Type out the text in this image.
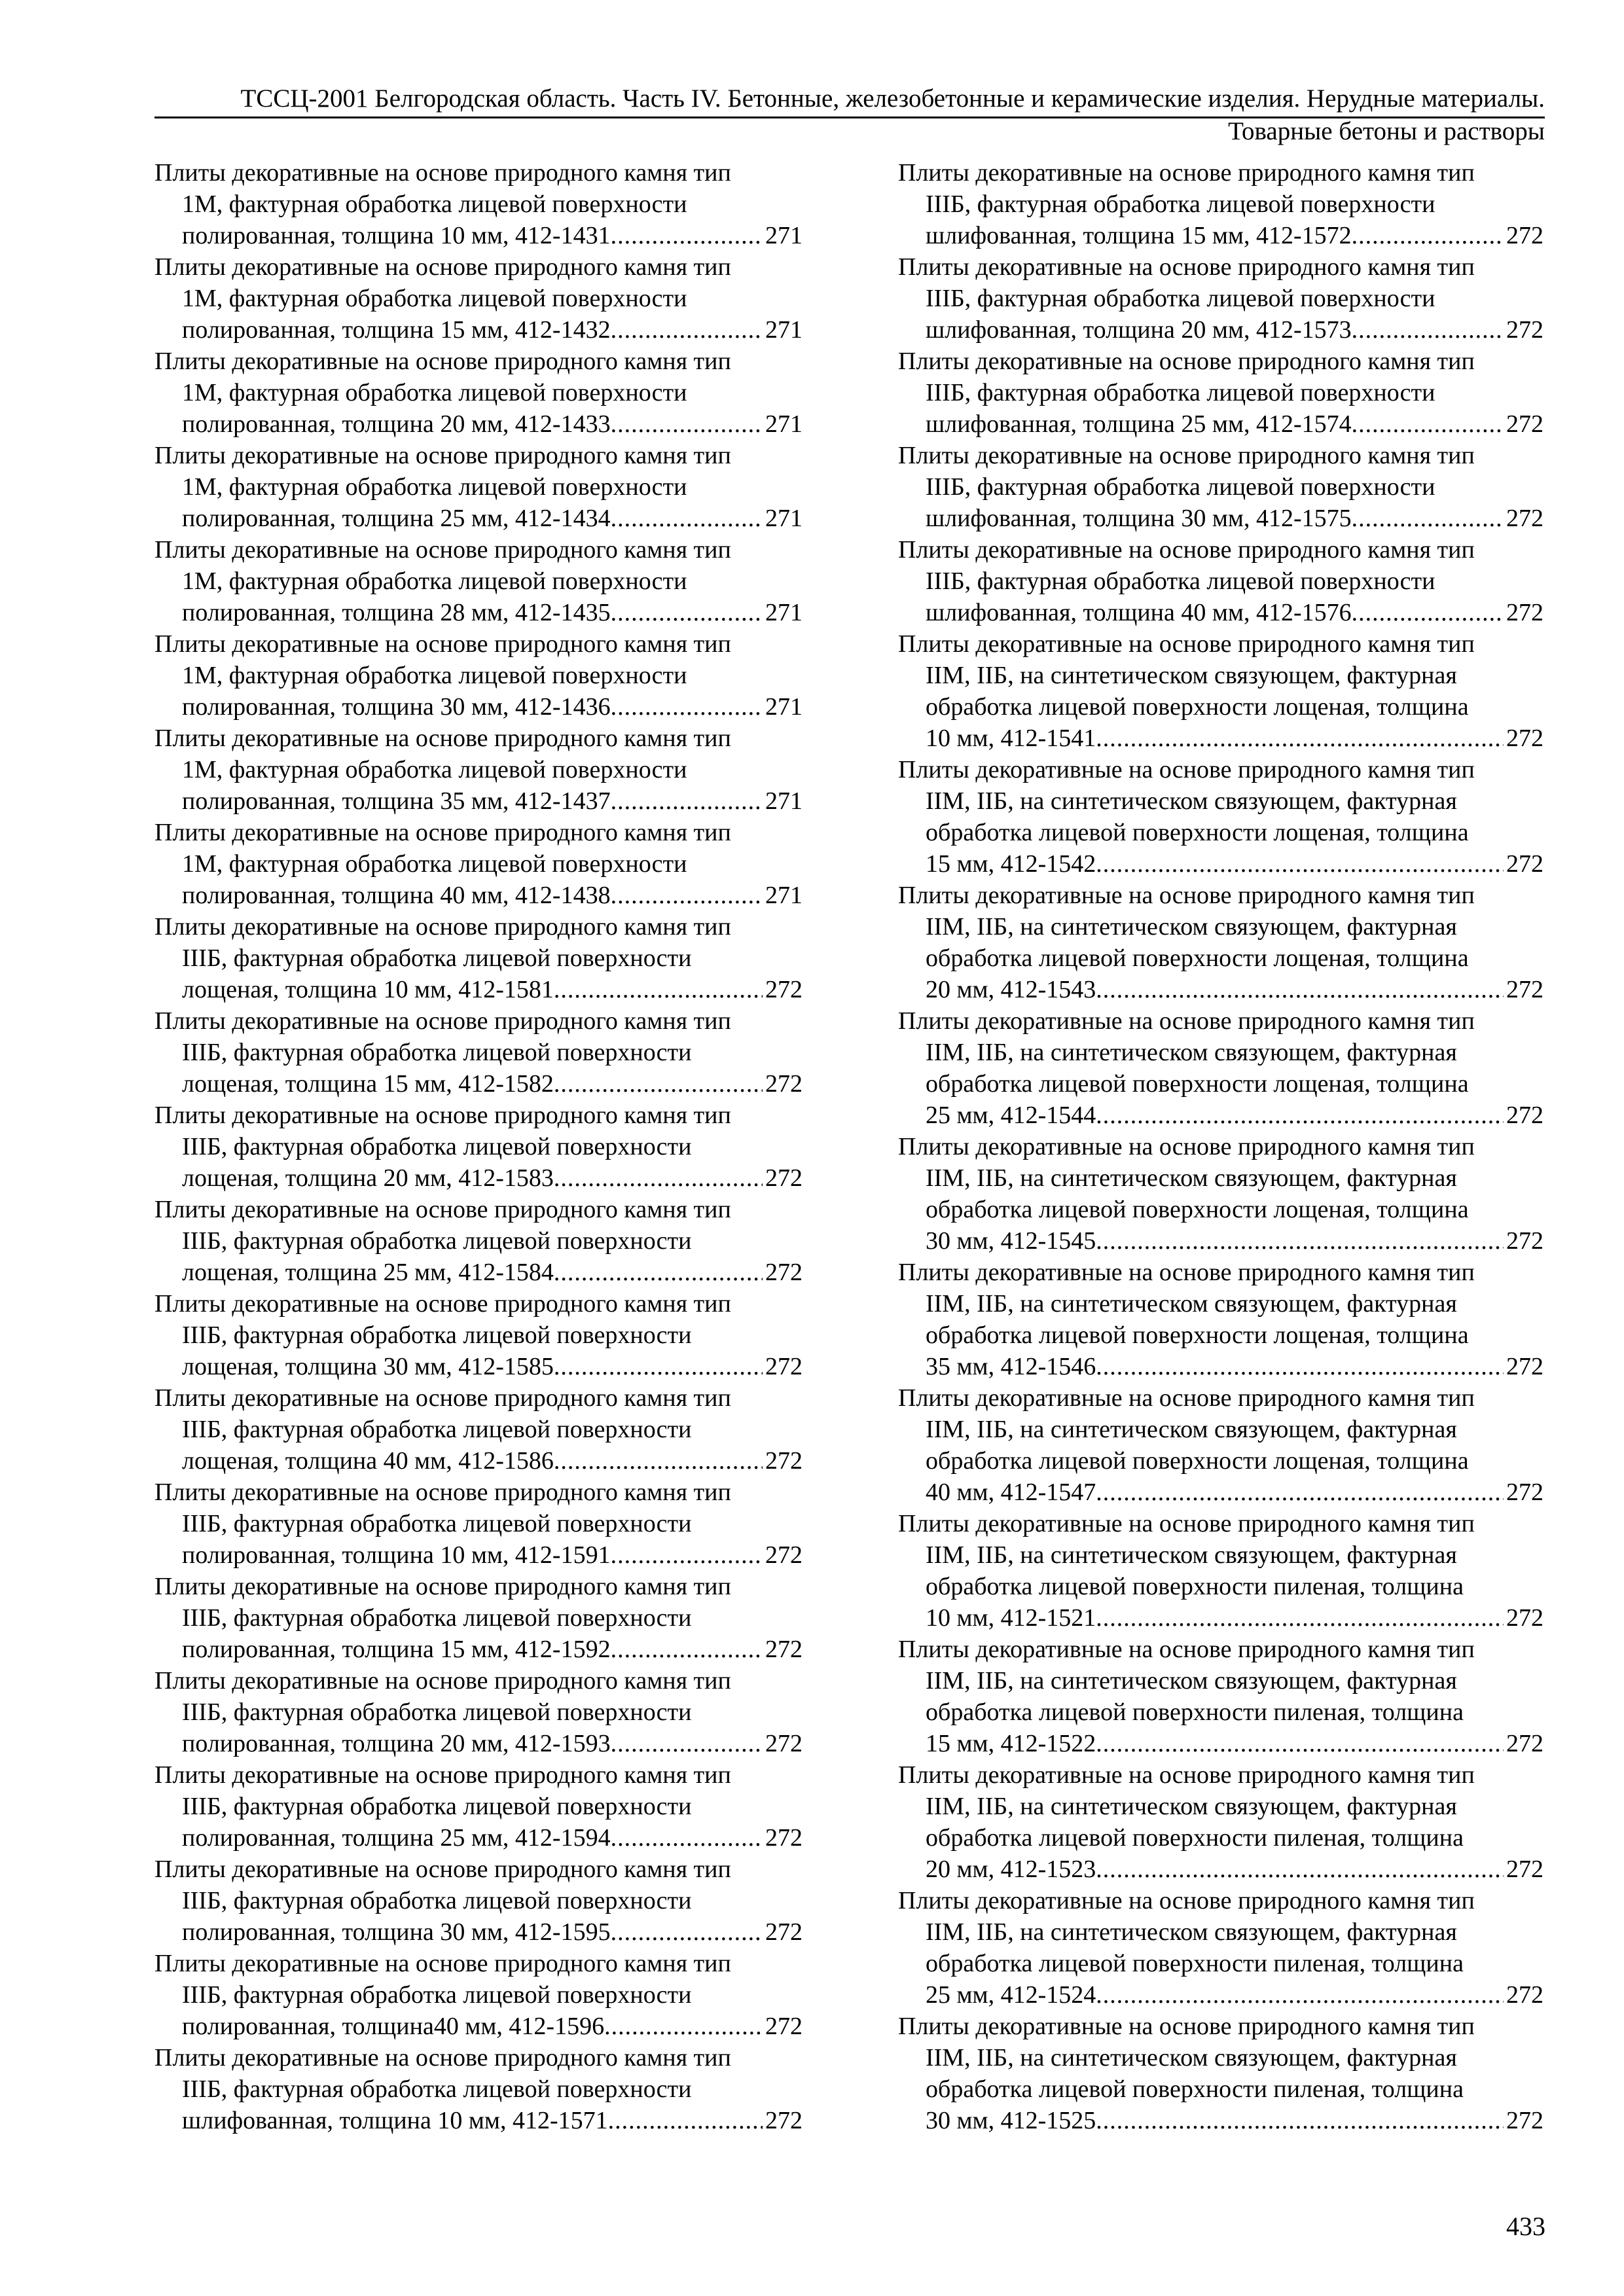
ТССЦ-2001 Белгородская область. Часть IV. Бетонные, железобетонные и керамические изделия. Нерудные материалы. Товарные бетоны и растворы
Плиты декоративные на основе природного камня тип
1М, фактурная обработка лицевой поверхности
полированная, толщина 10 мм, 412-1431 .....	271
Плиты декоративные на основе природного камня тип
1М, фактурная обработка лицевой поверхности
полированная, толщина 15 мм, 412-1432 .....	271
Плиты декоративные на основе природного камня тип
1М, фактурная обработка лицевой поверхности
полированная, толщина 20 мм, 412-1433 .....	271
Плиты декоративные на основе природного камня тип
1М, фактурная обработка лицевой поверхности
полированная, толщина 25 мм, 412-1434 .....	271
Плиты декоративные на основе природного камня тип
1М, фактурная обработка лицевой поверхности
полированная, толщина 28 мм, 412-1435 .....	271
Плиты декоративные на основе природного камня тип
1М, фактурная обработка лицевой поверхности
полированная, толщина 30 мм, 412-1436 .....	271
Плиты декоративные на основе природного камня тип
1М, фактурная обработка лицевой поверхности
полированная, толщина 35 мм, 412-1437 .....	271
Плиты декоративные на основе природного камня тип
1М, фактурная обработка лицевой поверхности
полированная, толщина 40 мм, 412-1438 .....	271
Плиты декоративные на основе природного камня тип
IIIБ, фактурная обработка лицевой поверхности
лощеная, толщина 10 мм, 412-1581 .....	272
Плиты декоративные на основе природного камня тип
IIIБ, фактурная обработка лицевой поверхности
лощеная, толщина 15 мм, 412-1582 .....	272
Плиты декоративные на основе природного камня тип
IIIБ, фактурная обработка лицевой поверхности
лощеная, толщина 20 мм, 412-1583 .....	272
Плиты декоративные на основе природного камня тип
IIIБ, фактурная обработка лицевой поверхности
лощеная, толщина 25 мм, 412-1584 .....	272
Плиты декоративные на основе природного камня тип
IIIБ, фактурная обработка лицевой поверхности
лощеная, толщина 30 мм, 412-1585 .....	272
Плиты декоративные на основе природного камня тип
IIIБ, фактурная обработка лицевой поверхности
лощеная, толщина 40 мм, 412-1586 .....	272
Плиты декоративные на основе природного камня тип
IIIБ, фактурная обработка лицевой поверхности
полированная, толщина 10 мм, 412-1591 .....	272
Плиты декоративные на основе природного камня тип
IIIБ, фактурная обработка лицевой поверхности
полированная, толщина 15 мм, 412-1592 .....	272
Плиты декоративные на основе природного камня тип
IIIБ, фактурная обработка лицевой поверхности
полированная, толщина 20 мм, 412-1593 .....	272
Плиты декоративные на основе природного камня тип
IIIБ, фактурная обработка лицевой поверхности
полированная, толщина 25 мм, 412-1594 .....	272
Плиты декоративные на основе природного камня тип
IIIБ, фактурная обработка лицевой поверхности
полированная, толщина 30 мм, 412-1595 .....	272
Плиты декоративные на основе природного камня тип
IIIБ, фактурная обработка лицевой поверхности
полированная, толщина40 мм, 412-1596 .....	272
Плиты декоративные на основе природного камня тип
IIIБ, фактурная обработка лицевой поверхности
шлифованная, толщина 10 мм, 412-1571 .....	272
Плиты декоративные на основе природного камня тип
IIIБ, фактурная обработка лицевой поверхности
шлифованная, толщина 15 мм, 412-1572 .....	272
Плиты декоративные на основе природного камня тип
IIIБ, фактурная обработка лицевой поверхности
шлифованная, толщина 20 мм, 412-1573 .....	272
Плиты декоративные на основе природного камня тип
IIIБ, фактурная обработка лицевой поверхности
шлифованная, толщина 25 мм, 412-1574 .....	272
Плиты декоративные на основе природного камня тип
IIIБ, фактурная обработка лицевой поверхности
шлифованная, толщина 30 мм, 412-1575 .....	272
Плиты декоративные на основе природного камня тип
IIIБ, фактурная обработка лицевой поверхности
шлифованная, толщина 40 мм, 412-1576 .....	272
Плиты декоративные на основе природного камня тип
IIМ, IIБ, на синтетическом связующем, фактурная
обработка лицевой поверхности лощеная, толщина
10 мм, 412-1541 .....	272
Плиты декоративные на основе природного камня тип
IIМ, IIБ, на синтетическом связующем, фактурная
обработка лицевой поверхности лощеная, толщина
15 мм, 412-1542 .....	272
Плиты декоративные на основе природного камня тип
IIМ, IIБ, на синтетическом связующем, фактурная
обработка лицевой поверхности лощеная, толщина
20 мм, 412-1543 .....	272
Плиты декоративные на основе природного камня тип
IIМ, IIБ, на синтетическом связующем, фактурная
обработка лицевой поверхности лощеная, толщина
25 мм, 412-1544 .....	272
Плиты декоративные на основе природного камня тип
IIМ, IIБ, на синтетическом связующем, фактурная
обработка лицевой поверхности лощеная, толщина
30 мм, 412-1545 .....	272
Плиты декоративные на основе природного камня тип
IIМ, IIБ, на синтетическом связующем, фактурная
обработка лицевой поверхности лощеная, толщина
35 мм, 412-1546 .....	272
Плиты декоративные на основе природного камня тип
IIМ, IIБ, на синтетическом связующем, фактурная
обработка лицевой поверхности лощеная, толщина
40 мм, 412-1547 .....	272
Плиты декоративные на основе природного камня тип
IIМ, IIБ, на синтетическом связующем, фактурная
обработка лицевой поверхности пиленая, толщина
10 мм, 412-1521 .....	272
Плиты декоративные на основе природного камня тип
IIМ, IIБ, на синтетическом связующем, фактурная
обработка лицевой поверхности пиленая, толщина
15 мм, 412-1522 .....	272
Плиты декоративные на основе природного камня тип
IIМ, IIБ, на синтетическом связующем, фактурная
обработка лицевой поверхности пиленая, толщина
20 мм, 412-1523 .....	272
Плиты декоративные на основе природного камня тип
IIМ, IIБ, на синтетическом связующем, фактурная
обработка лицевой поверхности пиленая, толщина
25 мм, 412-1524 .....	272
Плиты декоративные на основе природного камня тип
IIМ, IIБ, на синтетическом связующем, фактурная
обработка лицевой поверхности пиленая, толщина
30 мм, 412-1525 .....	272
433
